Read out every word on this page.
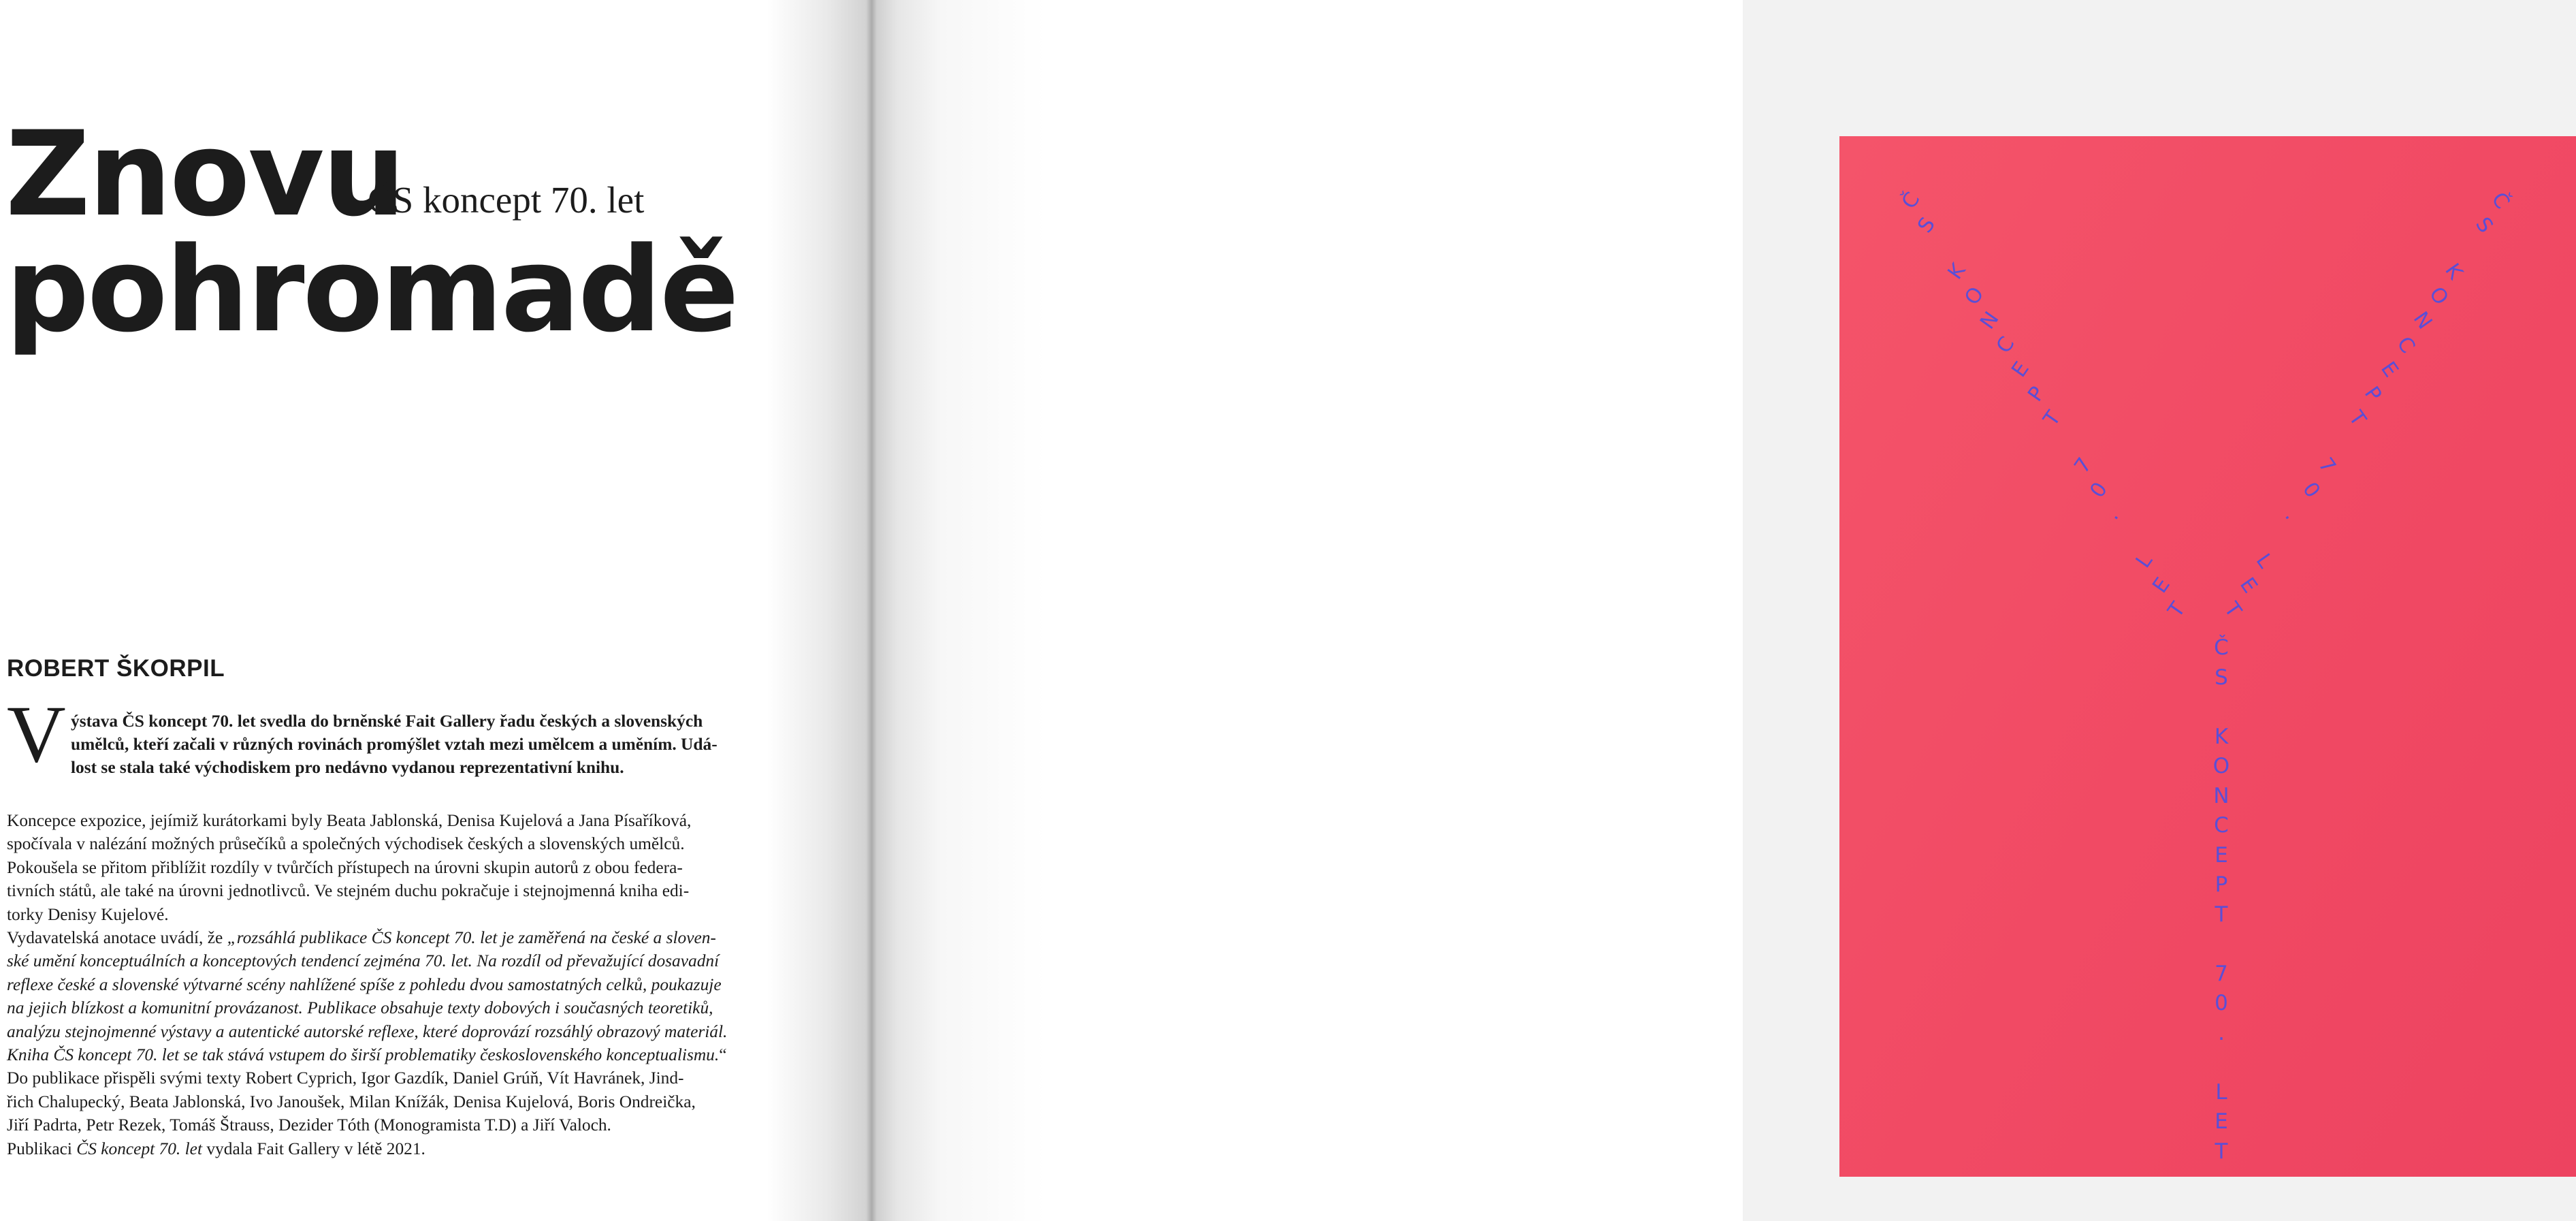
Znovu
ČS koncept 70. let
pohromadě
ROBERT ŠKORPIL
V ýstava ČS koncept 70. let svedla do brněnské Fait Gallery řadu českých a slovenských
umělců, kteří začali v různých rovinách promýšlet vztah mezi umělcem a uměním. Udá-
lost se stala také východiskem pro nedávno vydanou reprezentativní knihu.
Koncepce expozice, jejímiž kurátorkami byly Beata Jablonská, Denisa Kujelová a Jana Písaříková,
spočívala v nalézání možných průsečíků a společných východisek českých a slovenských umělců.
Pokoušela se přitom přiblížit rozdíly v tvůrčích přístupech na úrovni skupin autorů z obou federa-
tivních států, ale také na úrovni jednotlivců. Ve stejném duchu pokračuje i stejnojmenná kniha edi-
torky Denisy Kujelové.
Vydavatelská anotace uvádí, že „rozsáhlá publikace ČS koncept 70. let je zaměřená na české a sloven-
ské umění konceptuálních a konceptových tendencí zejména 70. let. Na rozdíl od převažující dosavadní
reflexe české a slovenské výtvarné scény nahlížené spíše z pohledu dvou samostatných celků, poukazuje
na jejich blízkost a komunitní provázanost. Publikace obsahuje texty dobových i současných teoretiků,
analýzu stejnojmenné výstavy a autentické autorské reflexe, které doprovází rozsáhlý obrazový materiál.
Kniha ČS koncept 70. let se tak stává vstupem do širší problematiky československého konceptualismu.“
Do publikace přispěli svými texty Robert Cyprich, Igor Gazdík, Daniel Grúň, Vít Havránek, Jind-
řich Chalupecký, Beata Jablonská, Ivo Janoušek, Milan Knížák, Denisa Kujelová, Boris Ondreička,
Jiří Padrta, Petr Rezek, Tomáš Štrauss, Dezider Tóth (Monogramista T.D) a Jiří Valoch.
Publikaci ČS koncept 70. let vydala Fait Gallery v létě 2021.
Č
S
K
O
N
C
E
P
T
7
0
.
L
E
T
Č
S
K
O
N
C
E
P
T
7
0
.
L
E
T
Č
S
K
O
N
C
E
P
T
7
0
.
L
E
T
